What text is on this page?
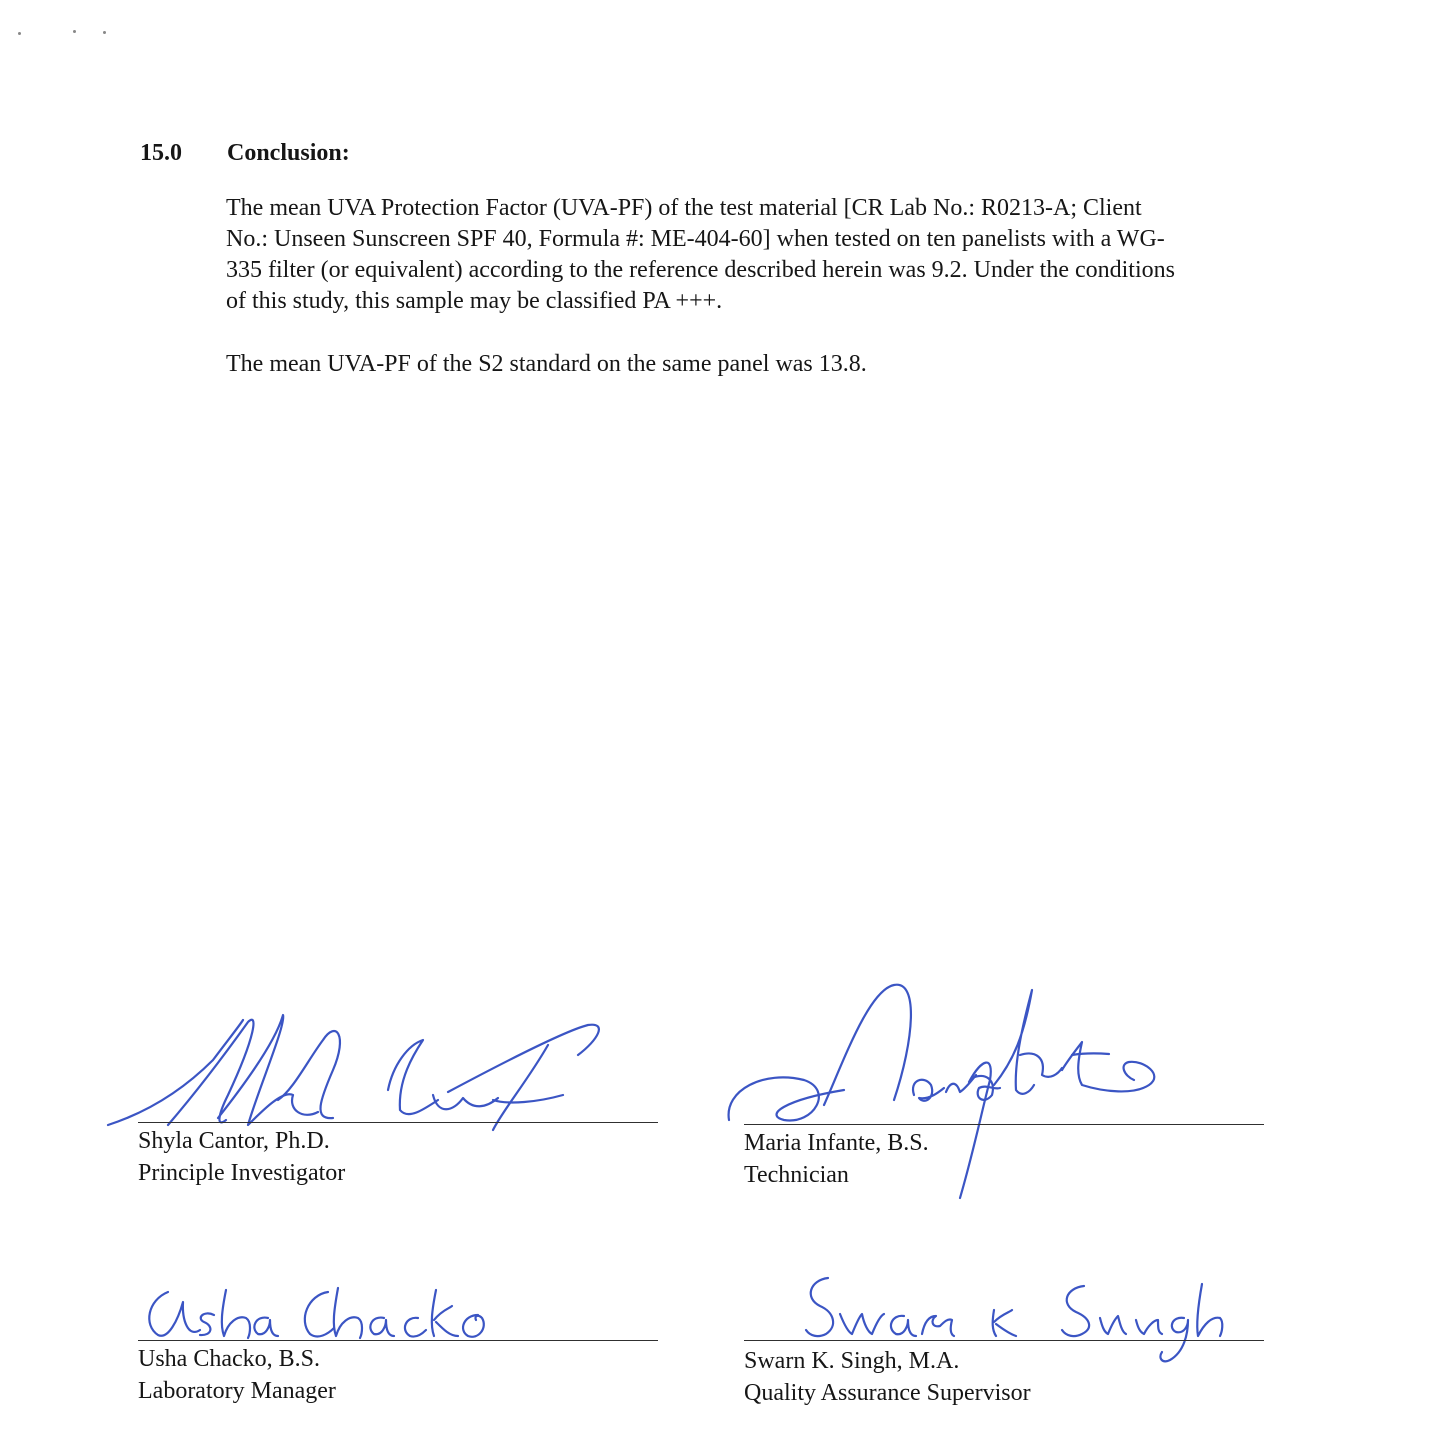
15.0 Conclusion:
The mean UVA Protection Factor (UVA-PF) of the test material [CR Lab No.: R0213-A; Client
No.: Unseen Sunscreen SPF 40, Formula #: ME-404-60] when tested on ten panelists with a WG-
335 filter (or equivalent) according to the reference described herein was 9.2. Under the conditions
of this study, this sample may be classified PA +++.
The mean UVA-PF of the S2 standard on the same panel was 13.8.
Shyla Cantor, Ph.D.
Principle Investigator
Maria Infante, B.S.
Technician
Usha Chacko, B.S.
Laboratory Manager
Swarn K. Singh, M.A.
Quality Assurance Supervisor
